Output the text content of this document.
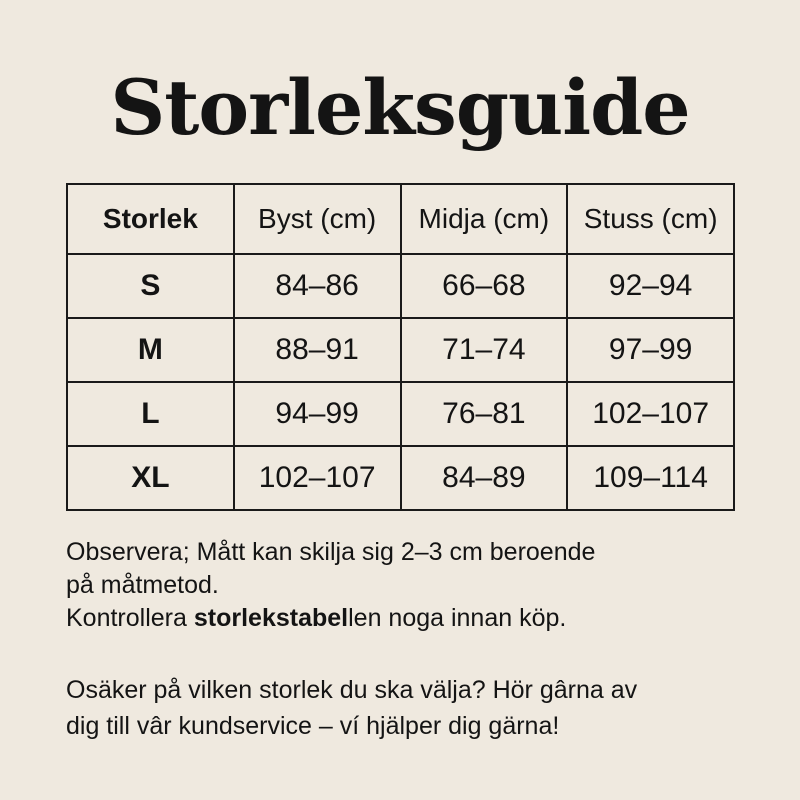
Storleksguide
Storlek	Byst (cm)	Midja (cm)	Stuss (cm)
S	84–86	66–68	92–94
M	88–91	71–74	97–99
L	94–99	76–81	102–107
XL	102–107	84–89	109–114

Observera; Mått kan skilja sig 2–3 cm beroende
på måtmetod.
Kontrollera storlekstabellen noga innan köp.

Osäker på vilken storlek du ska välja? Hör gârna av
dig till vâr kundservice – ví hjälper dig gärna!
